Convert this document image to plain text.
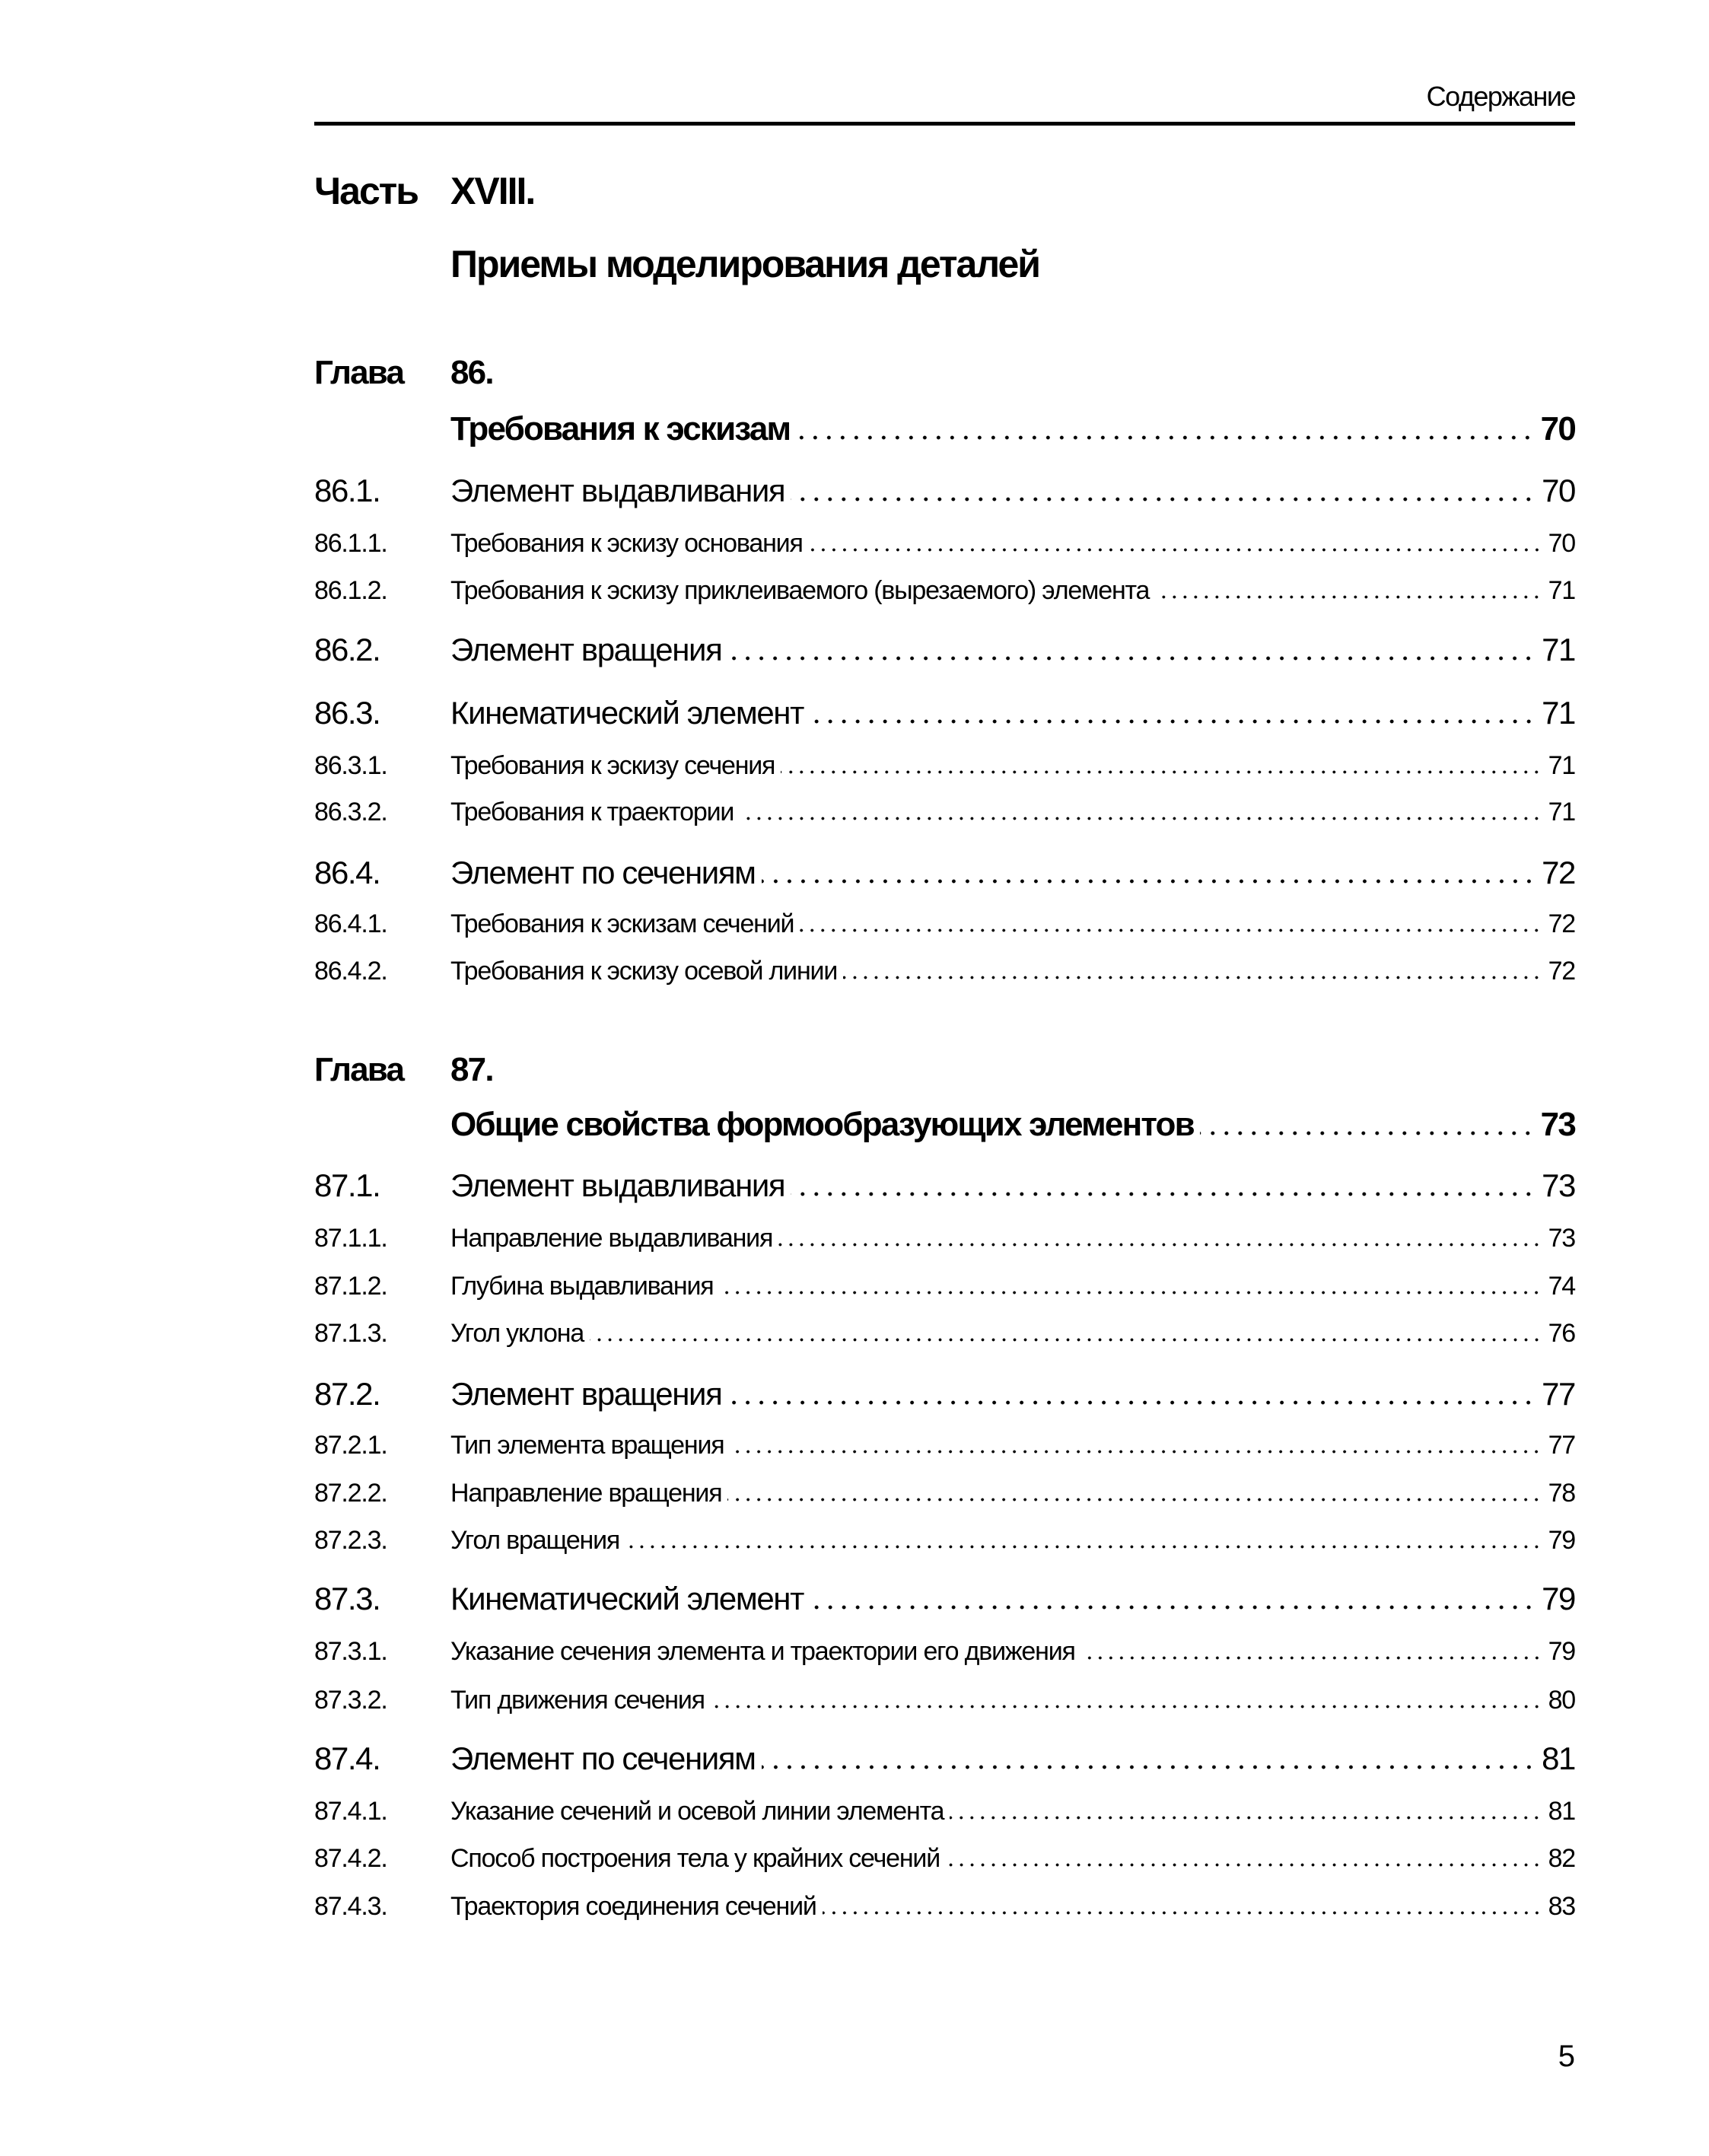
Содержание
Часть XVIII.
Приемы моделирования деталей
Глава 86.
Требования к эскизам	70
86.1.	Элемент выдавливания	70
86.1.1.	Требования к эскизу основания	70
86.1.2.	Требования к эскизу приклеиваемого (вырезаемого) элемента	71
86.2.	Элемент вращения	71
86.3.	Кинематический элемент	71
86.3.1.	Требования к эскизу сечения	71
86.3.2.	Требования к траектории	71
86.4.	Элемент по сечениям	72
86.4.1.	Требования к эскизам сечений	72
86.4.2.	Требования к эскизу осевой линии	72
Глава 87.
Общие свойства формообразующих элементов	73
87.1.	Элемент выдавливания	73
87.1.1.	Направление выдавливания	73
87.1.2.	Глубина выдавливания	74
87.1.3.	Угол уклона	76
87.2.	Элемент вращения	77
87.2.1.	Тип элемента вращения	77
87.2.2.	Направление вращения	78
87.2.3.	Угол вращения	79
87.3.	Кинематический элемент	79
87.3.1.	Указание сечения элемента и траектории его движения	79
87.3.2.	Тип движения сечения	80
87.4.	Элемент по сечениям	81
87.4.1.	Указание сечений и осевой линии элемента	81
87.4.2.	Способ построения тела у крайних сечений	82
87.4.3.	Траектория соединения сечений	83
5
